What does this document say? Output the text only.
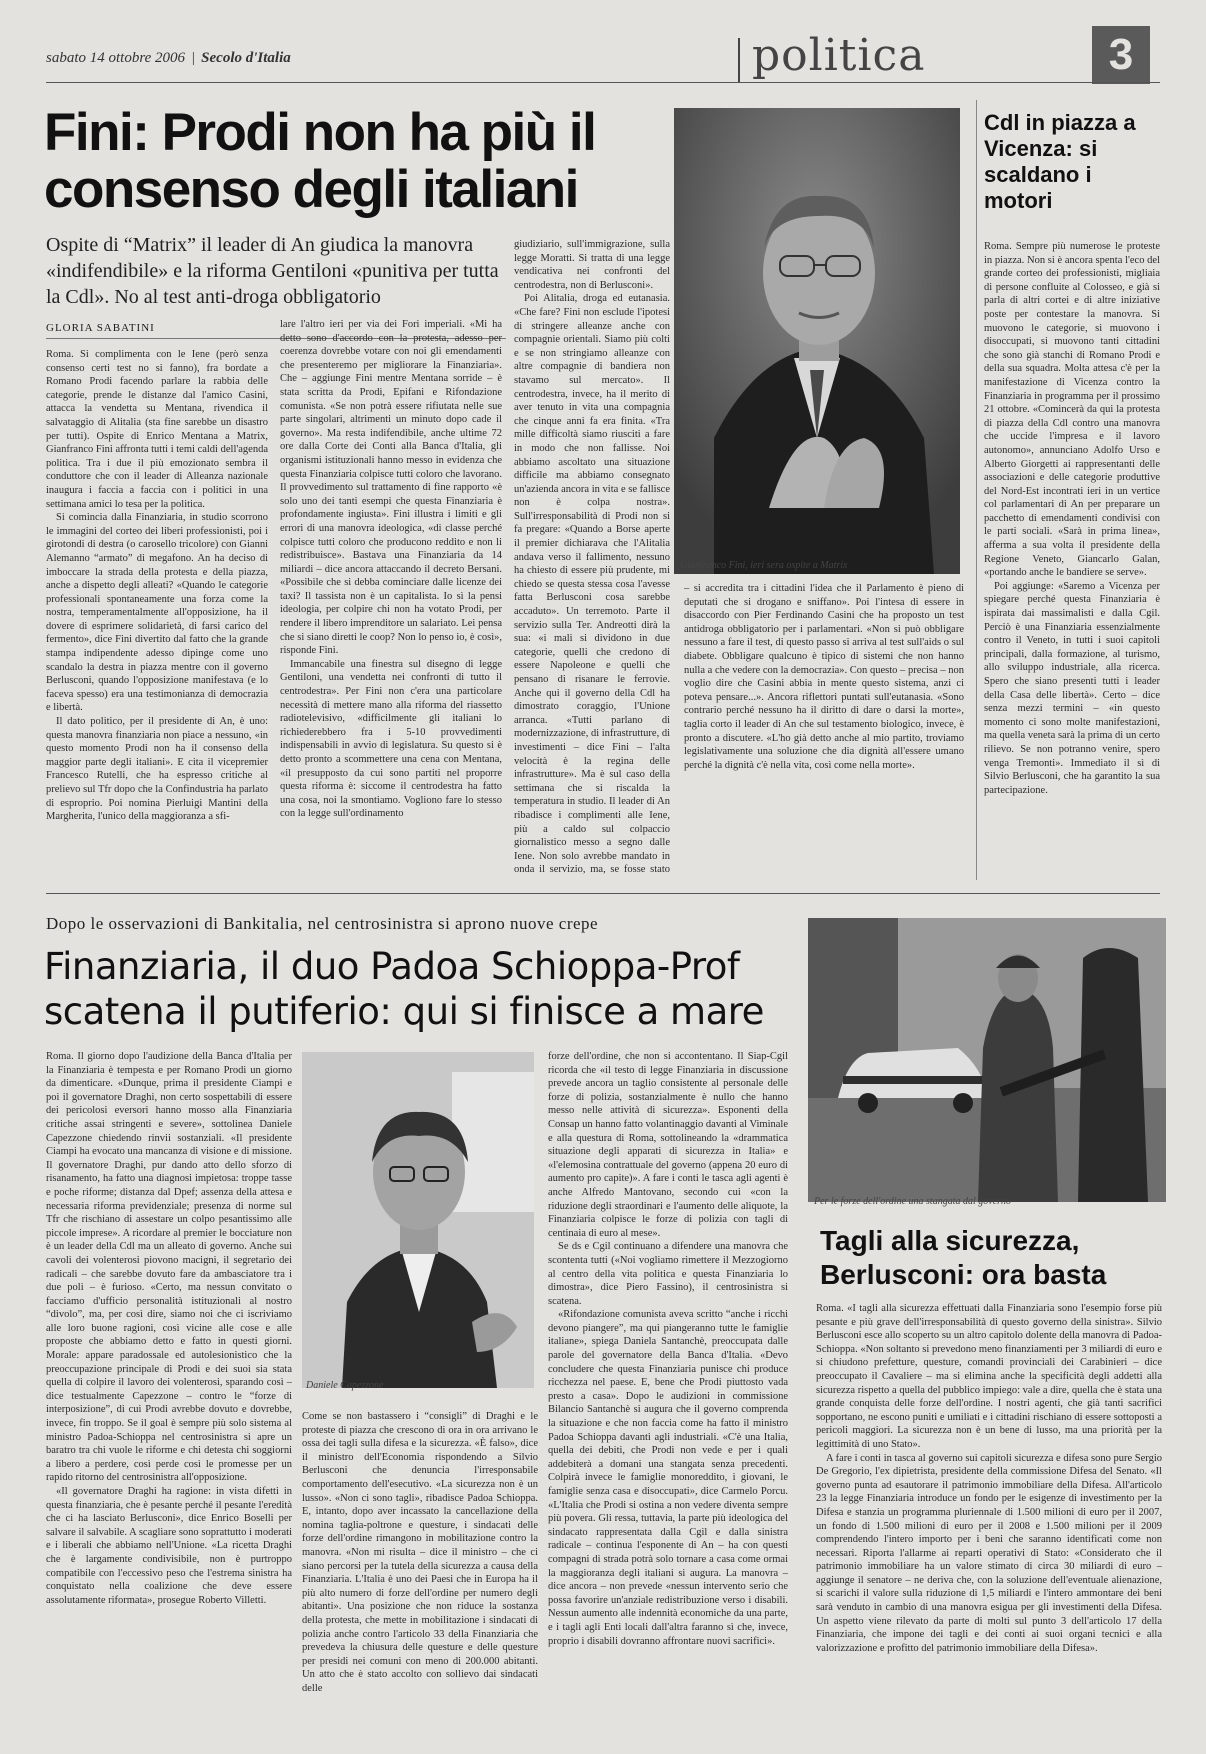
sabato 14 ottobre 2006 | Secolo d'Italia	politica	3
Fini: Prodi non ha più il consenso degli italiani
Ospite di “Matrix” il leader di An giudica la manovra «indifendibile» e la riforma Gentiloni «punitiva per tutta la Cdl». No al test anti-droga obbligatorio
GLORIA SABATINI

Roma. Si complimenta con le Iene (però senza consenso certi test no si fanno), fra bordate a Romano Prodi facendo parlare la rabbia delle categorie, prende le distanze dal l'amico Casini, attacca la vendetta su Mentana, rivendica il salvataggio di Alitalia (sta fine sarebbe un disastro per tutti). Ospite di Enrico Mentana a Matrix, Gianfranco Fini affronta tutti i temi caldi dell'agenda politica. Tra i due il più emozionato sembra il conduttore che con il leader di Alleanza nazionale inaugura i faccia a faccia con i politici in una settimana amici lo tesa per la politica.

Si comincia dalla Finanziaria, in studio scorrono le immagini del corteo dei liberi professionisti, poi i girotondi di destra (o carosello tricolore) con Gianni Alemanno “armato” di megafono. An ha deciso di imboccare la strada della protesta e della piazza, anche a dispetto degli alleati? «Quando le categorie professionali spontaneamente una forza come la nostra, temperamentalmente all'opposizione, ha il dovere di esprimere solidarietà, di farsi carico del fermento», dice Fini divertito dal fatto che la grande stampa indipendente adesso dipinge come uno scandalo la destra in piazza mentre con il governo Berlusconi, quando l'opposizione manifestava (e lo faceva spesso) era una testimonianza di democrazia e libertà.

Il dato politico, per il presidente di An, è uno: questa manovra finanziaria non piace a nessuno, «in questo momento Prodi non ha il consenso della maggior parte degli italiani». E cita il vicepremier Francesco Rutelli, che ha espresso critiche al prelievo sul Tfr dopo che la Confindustria ha parlato di esproprio. Poi nomina Pierluigi Mantini della Margherita, l'unico della maggioranza a sfi-

lare l'altro ieri per via dei Fori imperiali. «Mi ha detto sono d'accordo con la protesta, adesso per coerenza dovrebbe votare con noi gli emendamenti che presenteremo per migliorare la Finanziaria». Che – aggiunge Fini mentre Mentana sorride – è stata scritta da Prodi, Epifani e Rifondazione comunista. «Se non potrà essere rifiutata nelle sue parte singolari, altrimenti un minuto dopo cade il governo». Ma resta indifendibile, anche ultime 72 ore dalla Corte dei Conti alla Banca d'Italia, gli organismi istituzionali hanno messo in evidenza che questa Finanziaria colpisce tutti coloro che lavorano. Il provvedimento sul trattamento di fine rapporto «è solo uno dei tanti esempi che questa Finanziaria è profondamente ingiusta». Fini illustra i limiti e gli errori di una manovra ideologica, «di classe perché colpisce tutti coloro che producono reddito e non li redistribuisce». Bastava una Finanziaria da 14 miliardi – dice ancora attaccando il decreto Bersani. «Possibile che si debba cominciare dalle licenze dei taxi? Il tassista non è un capitalista. Io sì la pensi ideologia, per colpire chi non ha votato Prodi, per rendere il libero imprenditore un salariato. Lei pensa che si siano diretti le coop? Non lo penso io, è così», risponde Fini.

Immancabile una finestra sul disegno di legge Gentiloni, una vendetta nei confronti di tutto il centrodestra». Per Fini non c'era una particolare necessità di mettere mano alla riforma del riassetto radiotelevisivo, «difficilmente gli italiani lo richiederebbero fra i 5-10 provvedimenti indispensabili in avvio di legislatura. Su questo si è detto pronto a scommettere una cena con Mentana, «il presupposto da cui sono partiti nel proporre questa riforma è: siccome il centrodestra ha fatto una cosa, noi la smontiamo. Vogliono fare lo stesso con la legge sull'ordinamento

giudiziario, sull'immigrazione, sulla legge Moratti. Si tratta di una legge vendicativa nei confronti del centrodestra, non di Berlusconi».

Poi Alitalia, droga ed eutanasia. «Che fare? Fini non esclude l'ipotesi di stringere alleanze anche con compagnie orientali. Siamo più colti e se non stringiamo alleanze con altre compagnie di bandiera non stavamo sul mercato». Il centrodestra, invece, ha il merito di aver tenuto in vita una compagnia che cinque anni fa era finita. «Tra mille difficoltà siamo riusciti a fare in modo che non fallisse. Noi abbiamo ascoltato una situazione difficile ma abbiamo consegnato un'azienda ancora in vita e se fallisce non è colpa nostra». Sull'irresponsabilità di Prodi non si fa pregare: «Quando a Borse aperte il premier dichiarava che l'Alitalia andava verso il fallimento, nessuno ha chiesto di essere più prudente, mi chiedo se questa stessa cosa l'avesse fatta Berlusconi cosa sarebbe accaduto». Un terremoto. Parte il servizio sulla Ter. Andreotti dirà la sua: «i mali si dividono in due categorie, quelli che credono di essere Napoleone e quelli che pensano di risanare le ferrovie. Anche qui il governo della Cdl ha dimostrato coraggio, l'Unione arranca. «Tutti parlano di modernizzazione, di infrastrutture, di investimenti – dice Fini – l'alta velocità è la regina delle infrastrutture». Ma è sul caso della settimana che si riscalda la temperatura in studio. Il leader di An ribadisce i complimenti alle Iene, più a caldo sul colpaccio giornalistico messo a segno dalle Iene. Non solo avrebbe mandato in onda il servizio, ma, se fosse stato

Gianfranco Fini, ieri sera ospite a Matrix

– si accredita tra i cittadini l'idea che il Parlamento è pieno di deputati che si drogano e sniffano». Poi l'intesa di essere in disaccordo con Pier Ferdinando Casini che ha proposto un test antidroga obbligatorio per i parlamentari. «Non si può obbligare nessuno a fare il test, di questo passo si arriva al test sull'aids o sul diabete. Obbligare qualcuno è tipico di sistemi che non hanno nulla a che vedere con la democrazia». Con questo – precisa – non voglio dire che Casini abbia in mente questo sistema, anzi ci poteva pensare...». Ancora riflettori puntati sull'eutanasia. «Sono contrario perché nessuno ha il diritto di dare o darsi la morte», taglia corto il leader di An che sul testamento biologico, invece, è pronto a discutere. «L'ho già detto anche al mio partito, troviamo legislativamente una soluzione che dia dignità all'essere umano perché la dignità c'è nella vita, così come nella morte».

Cdl in piazza a Vicenza: si scaldano i motori

Roma. Sempre più numerose le proteste in piazza. Non si è ancora spenta l'eco del grande corteo dei professionisti, migliaia di persone confluite al Colosseo, e già si parla di altri cortei e di altre iniziative poste per contestare la manovra. Si muovono le categorie, si muovono i disoccupati, si muovono tanti cittadini che sono già stanchi di Romano Prodi e della sua squadra. Molta attesa c'è per la manifestazione di Vicenza contro la Finanziaria in programma per il prossimo 21 ottobre. «Comincerà da qui la protesta di piazza della Cdl contro una manovra che uccide l'impresa e il lavoro autonomo», annunciano Adolfo Urso e Alberto Giorgetti ai rappresentanti delle associazioni e delle categorie produttive del Nord-Est incontrati ieri in un vertice col parlamentari di An per preparare un pacchetto di emendamenti condivisi con le parti sociali. «Sarà in prima linea», afferma a sua volta il presidente della Regione Veneto, Giancarlo Galan, «portando anche le bandiere se serve».

Poi aggiunge: «Saremo a Vicenza per spiegare perché questa Finanziaria è ispirata dai massimalisti e dalla Cgil. Perciò è una Finanziaria essenzialmente contro il Veneto, in tutti i suoi capitoli principali, dalla formazione, al turismo, allo sviluppo industriale, alla ricerca. Spero che siano presenti tutti i leader della Casa delle libertà». Certo – dice senza mezzi termini – «in questo momento ci sono molte manifestazioni, ma quella veneta sarà la prima di un certo rilievo. Se non potranno venire, spero venga Tremonti». Immediato il sì di Silvio Berlusconi, che ha garantito la sua partecipazione.

Dopo le osservazioni di Bankitalia, nel centrosinistra si aprono nuove crepe
Finanziaria, il duo Padoa Schioppa-Prof scatena il putiferio: qui si finisce a mare

Roma. Il giorno dopo l'audizione della Banca d'Italia per la Finanziaria è tempesta e per Romano Prodi un giorno da dimenticare. «Dunque, prima il presidente Ciampi e poi il governatore Draghi, non certo sospettabili di essere dei pericolosi eversori hanno mosso alla Finanziaria critiche assai stringenti e severe», sottolinea Daniele Capezzone chiedendo rinvii sostanziali. «Il presidente Ciampi ha evocato una mancanza di visione e di missione. Il governatore Draghi, pur dando atto dello sforzo di risanamento, ha fatto una diagnosi impietosa: troppe tasse e poche riforme; distanza dal Dpef; assenza della attesa e necessaria riforma previdenziale; presenza di norme sul Tfr che rischiano di assestare un colpo pesantissimo alle piccole imprese». A ricordare al premier le bocciature non è un leader della Cdl ma un alleato di governo. Anche sui cavoli dei volenterosi piovono macigni, il segretario dei radicali – che sarebbe dovuto fare da ambasciatore tra i due poli – è furioso. «Certo, ma nessun convitato o facciamo d'ufficio personalità istituzionali al nostro “divolo”, ma, per così dire, siamo noi che ci iscriviamo alle loro buone ragioni, così vicine alle cose e alle proposte che abbiamo detto e fatto in questi giorni. Morale: appare paradossale ed autolesionistico che la preoccupazione principale di Prodi e dei suoi sia stata quella di colpire il lavoro dei volenterosi, sparando così – dice testualmente Capezzone – contro le “forze di interposizione”, di cui Prodi avrebbe dovuto e dovrebbe, invece, fin troppo. Se il goal è sempre più solo sistema al ministro Padoa-Schioppa nel centrosinistra si apre un baratro tra chi vuole le riforme e chi detesta chi soggiorni a libero a perdere, così perde così le promesse per un rapido ritorno del centrosinistra all'opposizione.

«Il governatore Draghi ha ragione: in vista difetti in questa finanziaria, che è pesante perché il pesante l'eredità che ci ha lasciato Berlusconi», dice Enrico Boselli per salvare il salvabile. A scagliare sono soprattutto i moderati e i liberali che abbiamo nell'Unione. «La ricetta Draghi che è largamente condivisibile, non è purtroppo compatibile con l'eccessivo peso che l'estrema sinistra ha conquistato nella coalizione che deve essere assolutamente riformata», prosegue Roberto Villetti.

Daniele Capezzone

Come se non bastassero i “consigli” di Draghi e le proteste di piazza che crescono di ora in ora arrivano le ossa dei tagli sulla difesa e la sicurezza. «È falso», dice il ministro dell'Economia rispondendo a Silvio Berlusconi che denuncia l'irresponsabile comportamento dell'esecutivo. «La sicurezza non è un lusso». «Non ci sono tagli», ribadisce Padoa Schioppa. E, intanto, dopo aver incassato la cancellazione della nomina taglia-poltrone e questure, i sindacati delle forze dell'ordine rimangono in mobilitazione contro la manovra. «Non mi risulta – dice il ministro – che ci siano percorsi per la tutela della sicurezza a causa della Finanziaria. L'Italia è uno dei Paesi che in Europa ha il più alto numero di forze dell'ordine per numero degli abitanti». Una posizione che non riduce la sostanza della protesta, che mette in mobilitazione i sindacati di polizia anche contro l'articolo 33 della Finanziaria che prevedeva la chiusura delle questure e delle questure per presidi nei comuni con meno di 200.000 abitanti. Un atto che è stato accolto con sollievo dai sindacati delle

forze dell'ordine, che non si accontentano. Il Siap-Cgil ricorda che «il testo di legge Finanziaria in discussione prevede ancora un taglio consistente al personale delle forze di polizia, sostanzialmente è nullo che hanno messo nelle attività di sicurezza». Esponenti della Consap un hanno fatto volantinaggio davanti al Viminale e alla questura di Roma, sottolineando la «drammatica situazione degli apparati di sicurezza in Italia» e «l'elemosina contrattuale del governo (appena 20 euro di aumento pro capite)». A fare i conti le tasca agli agenti è anche Alfredo Mantovano, secondo cui «con la riduzione degli straordinari e l'aumento delle aliquote, la Finanziaria colpisce le forze di polizia con tagli di centinaia di euro al mese».

Se ds e Cgil continuano a difendere una manovra che scontenta tutti («Noi vogliamo rimettere il Mezzogiorno al centro della vita politica e questa Finanziaria lo dimostra», dice Piero Fassino), il centrosinistra si scatena.

«Rifondazione comunista aveva scritto “anche i ricchi devono piangere”, ma qui piangeranno tutte le famiglie italiane», spiega Daniela Santanchè, preoccupata dalle parole del governatore della Banca d'Italia. «Devo concludere che questa Finanziaria punisce chi produce ricchezza nel paese. E, bene che Prodi piuttosto vada presto a casa». Dopo le audizioni in commissione Bilancio Santanchè si augura che il governo comprenda la situazione e che non faccia come ha fatto il ministro Padoa Schioppa davanti agli industriali. «C'è una Italia, quella dei debiti, che Prodi non vede e per i quali addebiterà a domani una stangata senza precedenti. Colpirà invece le famiglie monoreddito, i giovani, le famiglie senza casa e disoccupati», dice Carmelo Porcu. «L'Italia che Prodi si ostina a non vedere diventa sempre più povera. Gli ressa, tuttavia, la parte più ideologica del sindacato rappresentata dalla Cgil e dalla sinistra radicale – continua l'esponente di An – ha con questi compagni di strada potrà solo tornare a casa come ormai la maggioranza degli italiani si augura. La manovra – dice ancora – non prevede «nessun intervento serio che possa favorire un'anziale redistribuzione verso i disabili. Nessun aumento alle indennità economiche da una parte, e i tagli agli Enti locali dall'altra faranno sì che, invece, proprio i disabili dovranno affrontare nuovi sacrifici».

Per le forze dell'ordine una stangata dal governo
Tagli alla sicurezza, Berlusconi: ora basta

Roma. «I tagli alla sicurezza effettuati dalla Finanziaria sono l'esempio forse più pesante e più grave dell'irresponsabilità di questo governo della sinistra». Silvio Berlusconi esce allo scoperto su un altro capitolo dolente della manovra di Padoa-Schioppa. «Non soltanto si prevedono meno finanziamenti per 3 miliardi di euro e si chiudono prefetture, questure, comandi provinciali dei Carabinieri – dice preoccupato il Cavaliere – ma si elimina anche la specificità degli addetti alla sicurezza rispetto a quella del pubblico impiego: vale a dire, quella che è stata una grande conquista delle forze dell'ordine. I nostri agenti, che già tanti sacrifici sopportano, ne escono puniti e umiliati e i cittadini rischiano di essere sottoposti a pericoli maggiori. La sicurezza non è un bene di lusso, ma una priorità per la legittimità di uno Stato».

A fare i conti in tasca al governo sui capitoli sicurezza e difesa sono pure Sergio De Gregorio, l'ex dipietrista, presidente della commissione Difesa del Senato. «Il governo punta ad esautorare il patrimonio immobiliare della Difesa. All'articolo 23 la legge Finanziaria introduce un fondo per le esigenze di investimento per la Difesa e stanzia un programma pluriennale di 1.500 milioni di euro per il 2007, un fondo di 1.500 milioni di euro per il 2008 e 1.500 milioni per il 2009 comprendendo l'intero importo per i beni che saranno identificati come non necessari. Riporta l'allarme ai reparti operativi di Stato: «Considerato che il patrimonio immobiliare ha un valore stimato di circa 30 miliardi di euro – aggiunge il senatore – ne deriva che, con la soluzione dell'eventuale alienazione, si scarichi il valore sulla riduzione di 1,5 miliardi e l'intero ammontare dei beni sarà venduto in cambio di una manovra esigua per gli investimenti della Difesa. Un aspetto viene rilevato da parte di molti sul punto 3 dell'articolo 17 della Finanziaria, che impone dei tagli e dei conti ai suoi organi tecnici e alla valorizzazione e profitto del patrimonio immobiliare della Difesa».
